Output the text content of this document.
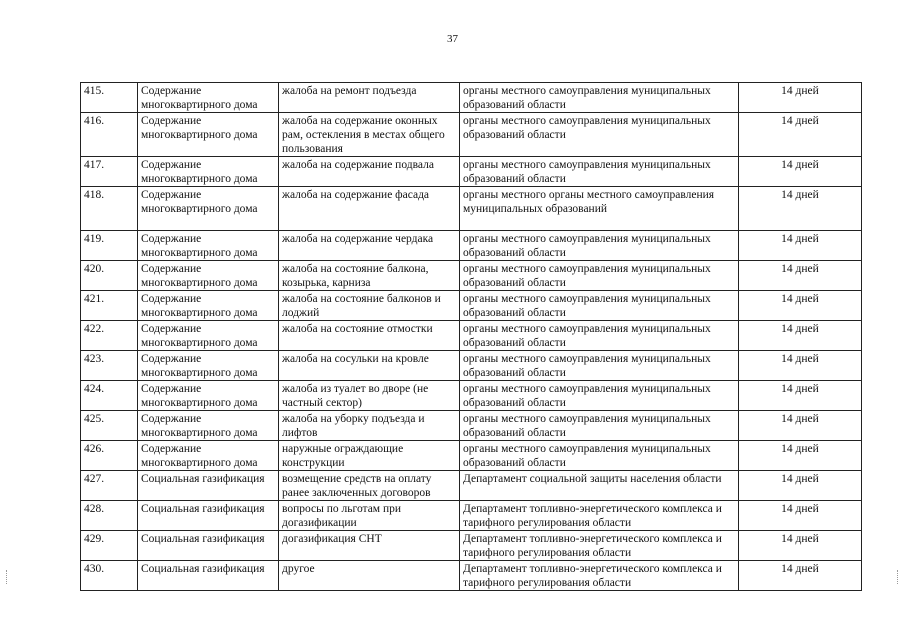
37
415.	Содержание многоквартирного дома	жалоба на ремонт подъезда	органы местного самоуправления муниципальных образований области	14 дней
416.	Содержание многоквартирного дома	жалоба на содержание оконных рам, остекления в местах общего пользования	органы местного самоуправления муниципальных образований области	14 дней
417.	Содержание многоквартирного дома	жалоба на содержание подвала	органы местного самоуправления муниципальных образований области	14 дней
418.	Содержание многоквартирного дома	жалоба на содержание фасада	органы местного органы местного самоуправления муниципальных образований	14 дней
419.	Содержание многоквартирного дома	жалоба на содержание чердака	органы местного самоуправления муниципальных образований области	14 дней
420.	Содержание многоквартирного дома	жалоба на состояние балкона, козырька, карниза	органы местного самоуправления муниципальных образований области	14 дней
421.	Содержание многоквартирного дома	жалоба на состояние балконов и лоджий	органы местного самоуправления муниципальных образований области	14 дней
422.	Содержание многоквартирного дома	жалоба на состояние отмостки	органы местного самоуправления муниципальных образований области	14 дней
423.	Содержание многоквартирного дома	жалоба на сосульки на кровле	органы местного самоуправления муниципальных образований области	14 дней
424.	Содержание многоквартирного дома	жалоба из туалет во дворе (не частный сектор)	органы местного самоуправления муниципальных образований области	14 дней
425.	Содержание многоквартирного дома	жалоба на уборку подъезда и лифтов	органы местного самоуправления муниципальных образований области	14 дней
426.	Содержание многоквартирного дома	наружные ограждающие конструкции	органы местного самоуправления муниципальных образований области	14 дней
427.	Социальная газификация	возмещение средств на оплату ранее заключенных договоров	Департамент социальной защиты населения области	14 дней
428.	Социальная газификация	вопросы по льготам при догазификации	Департамент топливно-энергетического комплекса и тарифного регулирования области	14 дней
429.	Социальная газификация	догазификация СНТ	Департамент топливно-энергетического комплекса и тарифного регулирования области	14 дней
430.	Социальная газификация	другое	Департамент топливно-энергетического комплекса и тарифного регулирования области	14 дней
